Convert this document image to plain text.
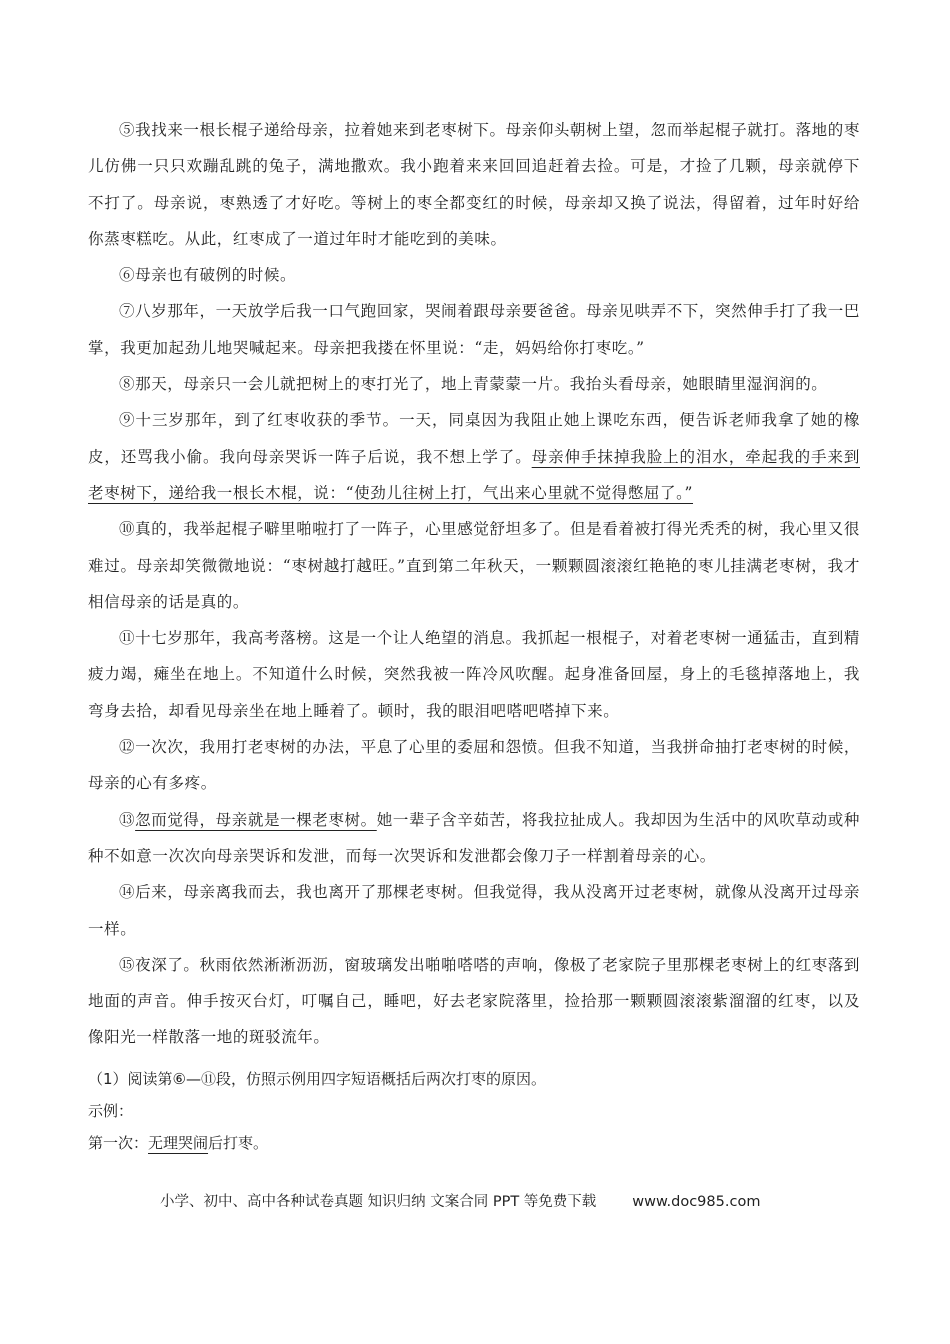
⑤我找来一根长棍子递给母亲，拉着她来到老枣树下。母亲仰头朝树上望，忽而举起棍子就打。落地的枣儿仿佛一只只欢蹦乱跳的兔子，满地撒欢。我小跑着来来回回追赶着去捡。可是，才捡了几颗，母亲就停下不打了。母亲说，枣熟透了才好吃。等树上的枣全都变红的时候，母亲却又换了说法，得留着，过年时好给你蒸枣糕吃。从此，红枣成了一道过年时才能吃到的美味。

⑥母亲也有破例的时候。

⑦八岁那年，一天放学后我一口气跑回家，哭闹着跟母亲要爸爸。母亲见哄弄不下，突然伸手打了我一巴掌，我更加起劲儿地哭喊起来。母亲把我搂在怀里说：“走，妈妈给你打枣吃。”

⑧那天，母亲只一会儿就把树上的枣打光了，地上青蒙蒙一片。我抬头看母亲，她眼睛里湿润润的。

⑨十三岁那年，到了红枣收获的季节。一天，同桌因为我阻止她上课吃东西，便告诉老师我拿了她的橡皮，还骂我小偷。我向母亲哭诉一阵子后说，我不想上学了。母亲伸手抹掉我脸上的泪水，牵起我的手来到老枣树下，递给我一根长木棍，说：“使劲儿往树上打，气出来心里就不觉得憋屈了。”

⑩真的，我举起棍子噼里啪啦打了一阵子，心里感觉舒坦多了。但是看着被打得光秃秃的树，我心里又很难过。母亲却笑微微地说：“枣树越打越旺。”直到第二年秋天，一颗颗圆滚滚红艳艳的枣儿挂满老枣树，我才相信母亲的话是真的。

⑪十七岁那年，我高考落榜。这是一个让人绝望的消息。我抓起一根棍子，对着老枣树一通猛击，直到精疲力竭，瘫坐在地上。不知道什么时候，突然我被一阵冷风吹醒。起身准备回屋，身上的毛毯掉落地上，我弯身去拾，却看见母亲坐在地上睡着了。顿时，我的眼泪吧嗒吧嗒掉下来。

⑫一次次，我用打老枣树的办法，平息了心里的委屈和怨愤。但我不知道，当我拼命抽打老枣树的时候，母亲的心有多疼。

⑬忽而觉得，母亲就是一棵老枣树。她一辈子含辛茹苦，将我拉扯成人。我却因为生活中的风吹草动或种种不如意一次次向母亲哭诉和发泄，而每一次哭诉和发泄都会像刀子一样割着母亲的心。

⑭后来，母亲离我而去，我也离开了那棵老枣树。但我觉得，我从没离开过老枣树，就像从没离开过母亲一样。

⑮夜深了。秋雨依然淅淅沥沥，窗玻璃发出啪啪嗒嗒的声响，像极了老家院子里那棵老枣树上的红枣落到地面的声音。伸手按灭台灯，叮嘱自己，睡吧，好去老家院落里，捡拾那一颗颗圆滚滚紫溜溜的红枣，以及像阳光一样散落一地的斑驳流年。

（1）阅读第⑥—⑪段，仿照示例用四字短语概括后两次打枣的原因。

示例：

第一次：无理哭闹后打枣。

小学、初中、高中各种试卷真题 知识归纳 文案合同 PPT 等免费下载 www.doc985.com
